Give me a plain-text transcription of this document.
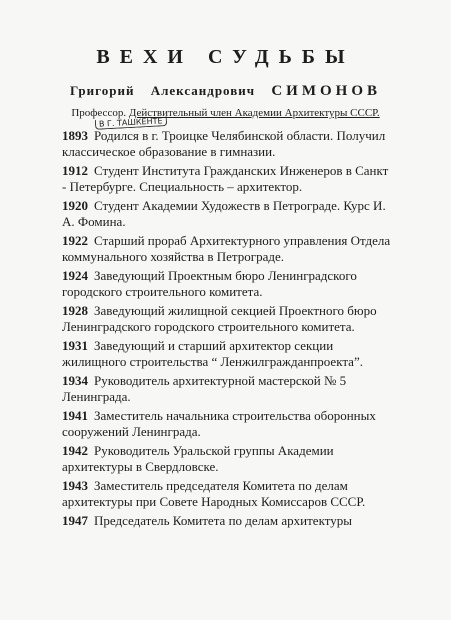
ВЕХИ СУДЬБЫ
Григорий Александрович СИМОНОВ
Профессор. Действительный член Академии Архитектуры СССР.
В Г. ТАШКЕНТЕ

1893 Родился в г. Троицке Челябинской области. Получил классическое образование в гимназии.

1912 Студент Института Гражданских Инженеров в Санкт - Петербурге. Специальность – архитектор.

1920 Студент Академии Художеств в Петрограде. Курс И. А. Фомина.

1922 Старший прораб Архитектурного управления Отдела коммунального хозяйства в Петрограде.

1924 Заведующий Проектным бюро Ленинградского городского строительного комитета.

1928 Заведующий жилищной секцией Проектного бюро Ленинградского городского строительного комитета.

1931 Заведующий и старший архитектор секции жилищного строительства “ Ленжилгражданпроекта”.

1934 Руководитель архитектурной мастерской № 5 Ленинграда.

1941 Заместитель начальника строительства оборонных сооружений Ленинграда.

1942 Руководитель Уральской группы Академии архитектуры в Свердловске.

1943 Заместитель председателя Комитета по делам архитектуры при Совете Народных Комиссаров СССР.

1947 Председатель Комитета по делам архитектуры
